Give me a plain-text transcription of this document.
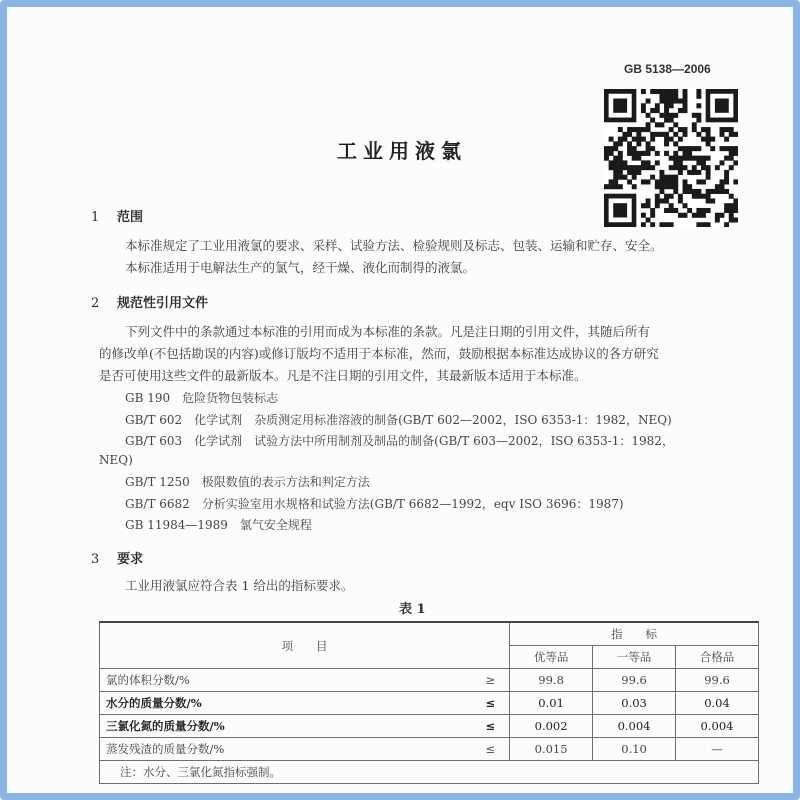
GB 5138—2006
工业用液氯
1 范围
本标准规定了工业用液氯的要求、采样、试验方法、检验规则及标志、包装、运输和贮存、安全。
本标准适用于电解法生产的氯气，经干燥、液化而制得的液氯。
2 规范性引用文件
下列文件中的条款通过本标准的引用而成为本标准的条款。凡是注日期的引用文件，其随后所有
的修改单(不包括勘误的内容)或修订版均不适用于本标准，然而，鼓励根据本标准达成协议的各方研究
是否可使用这些文件的最新版本。凡是不注日期的引用文件，其最新版本适用于本标准。
GB 190　危险货物包装标志
GB/T 602　化学试剂　杂质测定用标准溶液的制备(GB/T 602—2002，ISO 6353-1：1982，NEQ)
GB/T 603　化学试剂　试验方法中所用制剂及制品的制备(GB/T 603—2002，ISO 6353-1：1982，
NEQ)
GB/T 1250　极限数值的表示方法和判定方法
GB/T 6682　分析实验室用水规格和试验方法(GB/T 6682—1992，eqv ISO 3696：1987)
GB 11984—1989　氯气安全规程
3 要求
工业用液氯应符合表 1 给出的指标要求。
表 1
项　　目		指　　标		
		优等品	一等品	合格品
氯的体积分数/%	≥	99.8	99.6	99.6
水分的质量分数/%	≤	0.01	0.03	0.04
三氯化氮的质量分数/%	≤	0.002	0.004	0.004
蒸发残渣的质量分数/%	≤	0.015	0.10	—
注：水分、三氯化氮指标强制。				
